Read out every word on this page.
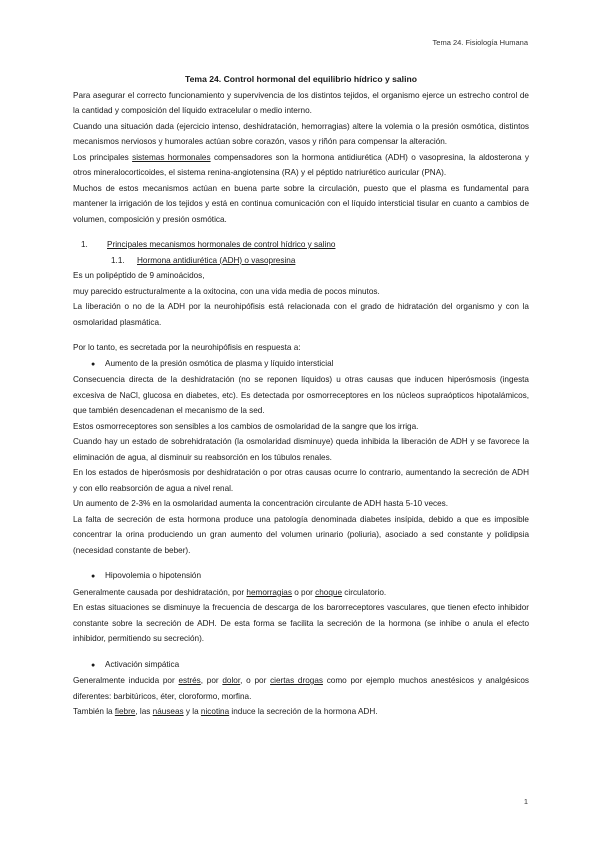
Tema 24. Fisiología Humana

Tema 24. Control hormonal del equilibrio hídrico y salino

Para asegurar el correcto funcionamiento y supervivencia de los distintos tejidos, el organismo ejerce un estrecho control de la cantidad y composición del líquido extracelular o medio interno.

Cuando una situación dada (ejercicio intenso, deshidratación, hemorragias) altere la volemia o la presión osmótica, distintos mecanismos nerviosos y humorales actúan sobre corazón, vasos y riñón para compensar la alteración.

Los principales sistemas hormonales compensadores son la hormona antidiurética (ADH) o vasopresina, la aldosterona y otros mineralocorticoides, el sistema renina-angiotensina (RA) y el péptido natriurético auricular (PNA).

Muchos de estos mecanismos actúan en buena parte sobre la circulación, puesto que el plasma es fundamental para mantener la irrigación de los tejidos y está en continua comunicación con el líquido intersticial tisular en cuanto a cambios de volumen, composición y presión osmótica.

1. Principales mecanismos hormonales de control hídrico y salino

1.1. Hormona antidiurética (ADH) o vasopresina

Es un polipéptido de 9 aminoácidos,

muy parecido estructuralmente a la oxitocina, con una vida media de pocos minutos.

La liberación o no de la ADH por la neurohipófisis está relacionada con el grado de hidratación del organismo y con la osmolaridad plasmática.

Por lo tanto, es secretada por la neurohipófisis en respuesta a:

● Aumento de la presión osmótica de plasma y líquido intersticial

Consecuencia directa de la deshidratación (no se reponen líquidos) u otras causas que inducen hiperósmosis (ingesta excesiva de NaCl, glucosa en diabetes, etc). Es detectada por osmorreceptores en los núcleos supraópticos hipotalámicos, que también desencadenan el mecanismo de la sed.

Estos osmorreceptores son sensibles a los cambios de osmolaridad de la sangre que los irriga.

Cuando hay un estado de sobrehidratación (la osmolaridad disminuye) queda inhibida la liberación de ADH y se favorece la eliminación de agua, al disminuir su reabsorción en los túbulos renales.

En los estados de hiperósmosis por deshidratación o por otras causas ocurre lo contrario, aumentando la secreción de ADH y con ello reabsorción de agua a nivel renal.

Un aumento de 2-3% en la osmolaridad aumenta la concentración circulante de ADH hasta 5-10 veces.

La falta de secreción de esta hormona produce una patología denominada diabetes insípida, debido a que es imposible concentrar la orina produciendo un gran aumento del volumen urinario (poliuria), asociado a sed constante y polidipsia (necesidad constante de beber).

● Hipovolemia o hipotensión

Generalmente causada por deshidratación, por hemorragias o por choque circulatorio.

En estas situaciones se disminuye la frecuencia de descarga de los barorreceptores vasculares, que tienen efecto inhibidor constante sobre la secreción de ADH. De esta forma se facilita la secreción de la hormona (se inhibe o anula el efecto inhibidor, permitiendo su secreción).

● Activación simpática

Generalmente inducida por estrés, por dolor, o por ciertas drogas como por ejemplo muchos anestésicos y analgésicos diferentes: barbitúricos, éter, cloroformo, morfina.

También la fiebre, las náuseas y la nicotina induce la secreción de la hormona ADH.

1
